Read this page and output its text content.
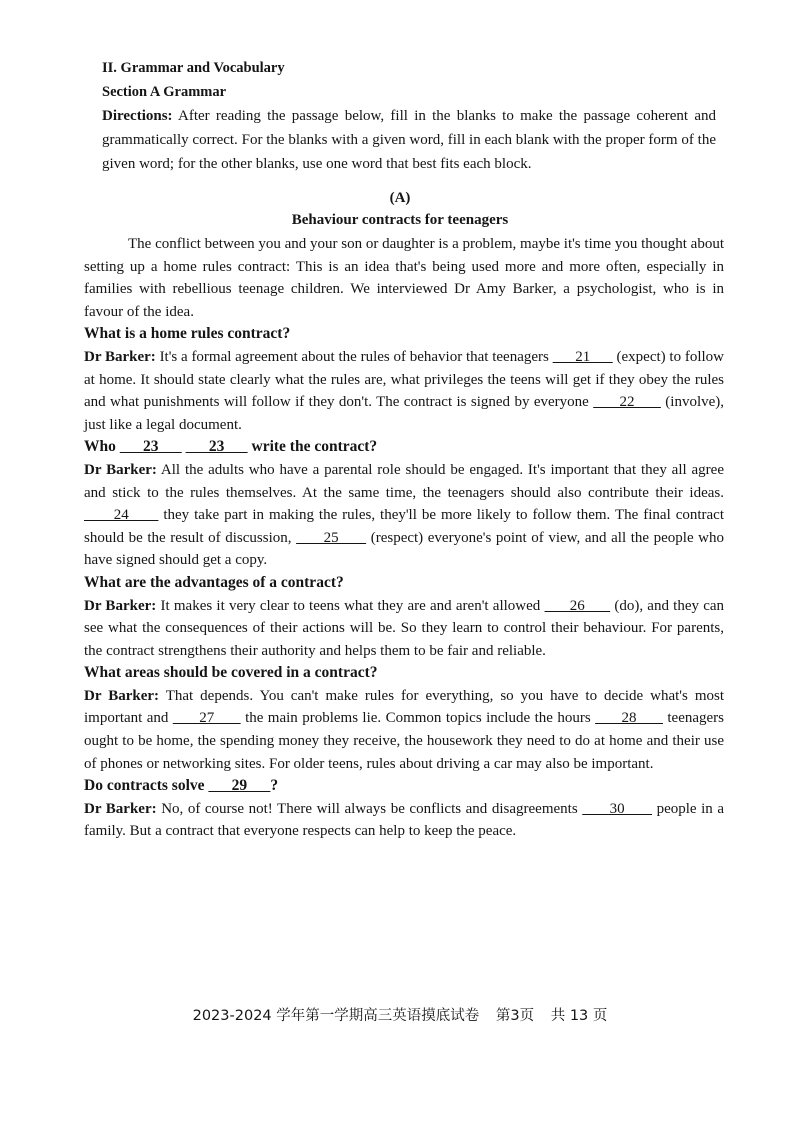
II. Grammar and Vocabulary
Section A Grammar

Directions: After reading the passage below, fill in the blanks to make the passage coherent and grammatically correct. For the blanks with a given word, fill in each blank with the proper form of the given word; for the other blanks, use one word that best fits each block.

(A)
Behaviour contracts for teenagers

The conflict between you and your son or daughter is a problem, maybe it's time you thought about setting up a home rules contract: This is an idea that's being used more and more often, especially in families with rebellious teenage children. We interviewed Dr Amy Barker, a psychologist, who is in favour of the idea.

What is a home rules contract?

Dr Barker: It's a formal agreement about the rules of behavior that teenagers       21       (expect) to follow at home. It should state clearly what the rules are, what privileges the teens will get if they obey the rules and what punishments will follow if they don't. The contract is signed by everyone       22       (involve), just like a legal document.

Who       23             23       write the contract?

Dr Barker: All the adults who have a parental role should be engaged. It's important that they all agree and stick to the rules themselves. At the same time, the teenagers should also contribute their ideas.       24       they take part in making the rules, they'll be more likely to follow them. The final contract should be the result of discussion,       25       (respect) everyone's point of view, and all the people who have signed should get a copy.

What are the advantages of a contract?

Dr Barker: It makes it very clear to teens what they are and aren't allowed       26       (do), and they can see what the consequences of their actions will be. So they learn to control their behaviour. For parents, the contract strengthens their authority and helps them to be fair and reliable.

What areas should be covered in a contract?

Dr Barker: That depends. You can't make rules for everything, so you have to decide what's most important and       27       the main problems lie. Common topics include the hours       28       teenagers ought to be home, the spending money they receive, the housework they need to do at home and their use of phones or networking sites. For older teens, rules about driving a car may also be important.

Do contracts solve       29      ?

Dr Barker: No, of course not! There will always be conflicts and disagreements       30       people in a family. But a contract that everyone respects can help to keep the peace.

2023-2024 学年第一学期高三英语摸底试卷 第3页 共 13 页
